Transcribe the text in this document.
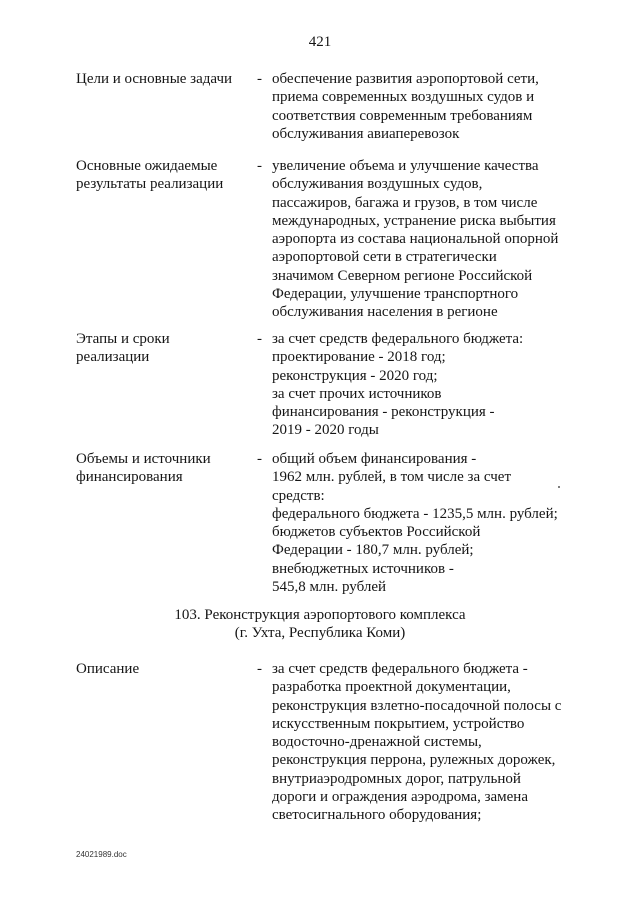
421
Цели и основные задачи	- обеспечение развития аэропортовой сети,
приема современных воздушных судов и
соответствия современным требованиям
обслуживания авиаперевозок
Основные ожидаемые
результаты реализации
- увеличение объема и улучшение качества
обслуживания воздушных судов,
пассажиров, багажа и грузов, в том числе
международных, устранение риска выбытия
аэропорта из состава национальной опорной
аэропортовой сети в стратегически
значимом Северном регионе Российской
Федерации, улучшение транспортного
обслуживания населения в регионе
Этапы и сроки
реализации
- за счет средств федерального бюджета:
проектирование - 2018 год;
реконструкция - 2020 год;
за счет прочих источников
финансирования - реконструкция -
2019 - 2020 годы
Объемы и источники
финансирования
- общий объем финансирования -
1962 млн. рублей, в том числе за счет
средств:
федерального бюджета - 1235,5 млн. рублей;
бюджетов субъектов Российской
Федерации - 180,7 млн. рублей;
внебюджетных источников -
545,8 млн. рублей
103. Реконструкция аэропортового комплекса
(г. Ухта, Республика Коми)
Описание	- за счет средств федерального бюджета -
разработка проектной документации,
реконструкция взлетно-посадочной полосы с
искусственным покрытием, устройство
водосточно-дренажной системы,
реконструкция перрона, рулежных дорожек,
внутриаэродромных дорог, патрульной
дороги и ограждения аэродрома, замена
светосигнального оборудования;
24021989.doc
